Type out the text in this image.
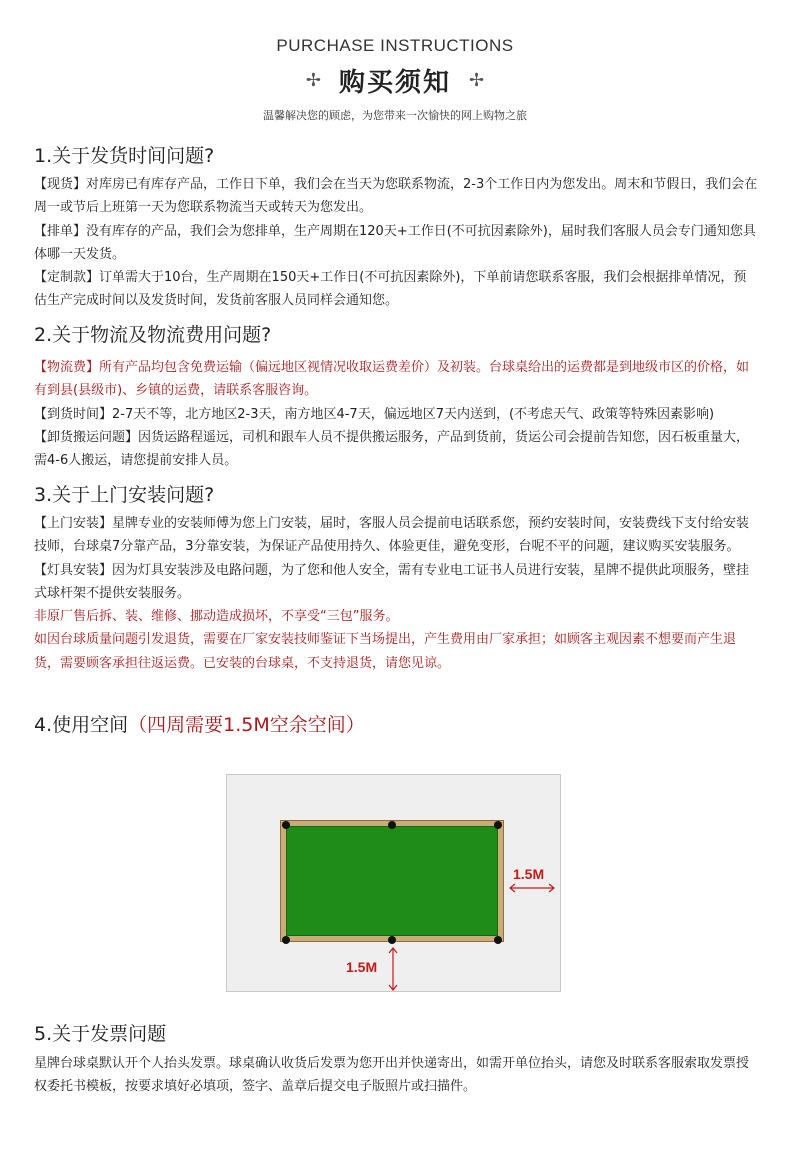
PURCHASE INSTRUCTIONS
✢ 购买须知 ✢
温馨解决您的顾虑，为您带来一次愉快的网上购物之旅
1.关于发货时间问题?

【现货】对库房已有库存产品，工作日下单，我们会在当天为您联系物流，2-3个工作日内为您发出。周末和节假日，我们会在周一或节后上班第一天为您联系物流当天或转天为您发出。

【排单】没有库存的产品，我们会为您排单，生产周期在120天+工作日(不可抗因素除外)，届时我们客服人员会专门通知您具体哪一天发货。

【定制款】订单需大于10台，生产周期在150天+工作日(不可抗因素除外)，下单前请您联系客服，我们会根据排单情况，预估生产完成时间以及发货时间，发货前客服人员同样会通知您。

2.关于物流及物流费用问题?

【物流费】所有产品均包含免费运输（偏远地区视情况收取运费差价）及初装。台球桌给出的运费都是到地级市区的价格，如有到县(县级市)、乡镇的运费，请联系客服咨询。

【到货时间】2-7天不等，北方地区2-3天，南方地区4-7天，偏远地区7天内送到，(不考虑天气、政策等特殊因素影响)

【卸货搬运问题】因货运路程遥远，司机和跟车人员不提供搬运服务，产品到货前，货运公司会提前告知您，因石板重量大，需4-6人搬运，请您提前安排人员。

3.关于上门安装问题?

【上门安装】星牌专业的安装师傅为您上门安装，届时，客服人员会提前电话联系您，预约安装时间，安装费线下支付给安装技师，台球桌7分靠产品，3分靠安装，为保证产品使用持久、体验更佳，避免变形，台呢不平的问题，建议购买安装服务。

【灯具安装】因为灯具安装涉及电路问题，为了您和他人安全，需有专业电工证书人员进行安装，星牌不提供此项服务，壁挂式球杆架不提供安装服务。

非原厂售后拆、装、维修、挪动造成损坏，不享受“三包”服务。

如因台球质量问题引发退货，需要在厂家安装技师鉴证下当场提出，产生费用由厂家承担；如顾客主观因素不想要而产生退货，需要顾客承担往返运费。已安装的台球桌，不支持退货，请您见谅。

4.使用空间（四周需要1.5M空余空间）
1.5M
1.5M
5.关于发票问题

星牌台球桌默认开个人抬头发票。球桌确认收货后发票为您开出并快递寄出，如需开单位抬头，请您及时联系客服索取发票授权委托书模板，按要求填好必填项，签字、盖章后提交电子版照片或扫描件。
